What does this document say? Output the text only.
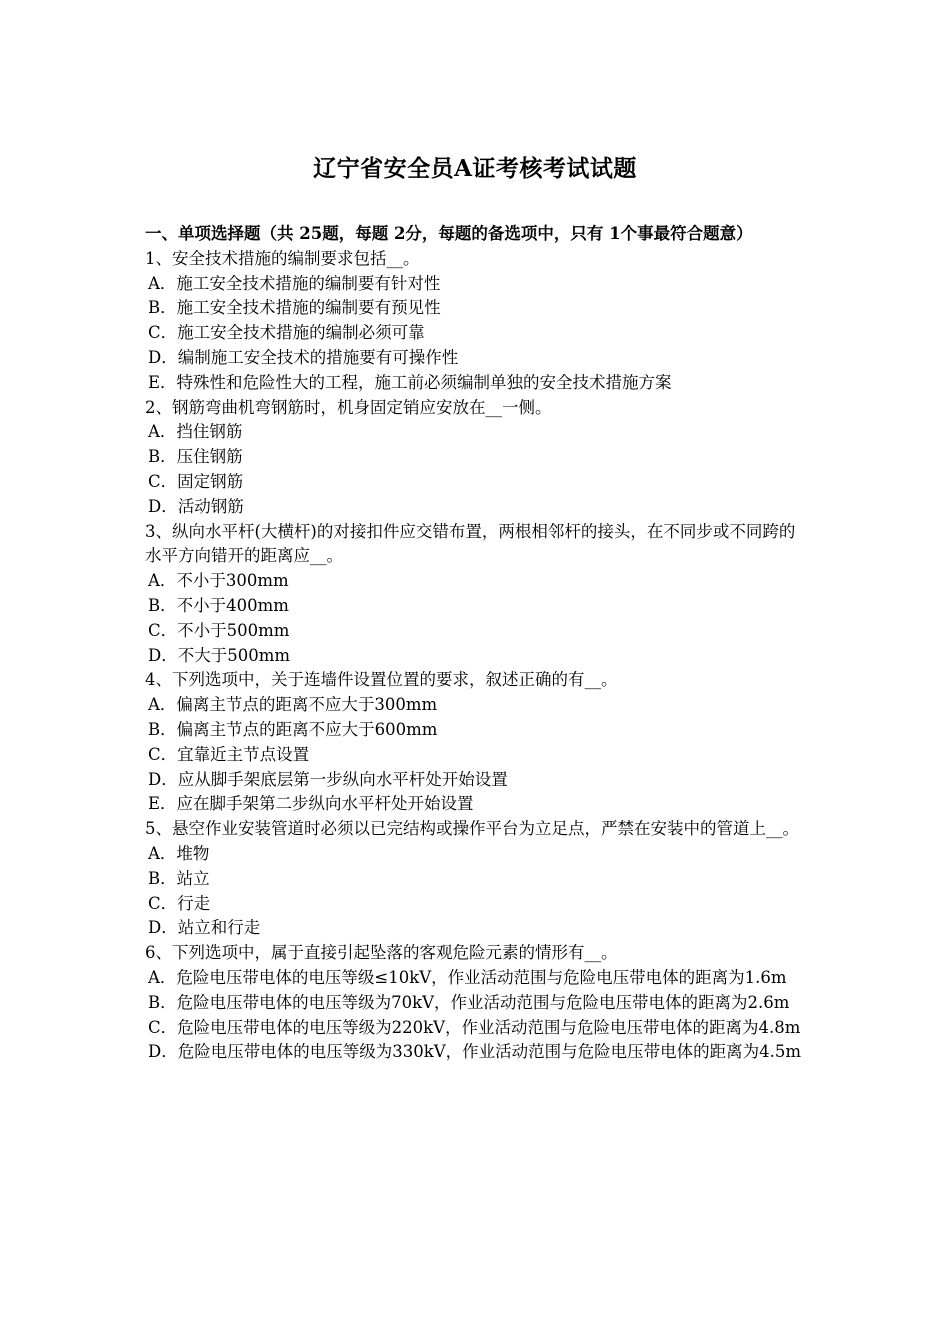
辽宁省安全员A证考核考试试题

一、单项选择题（共 25题，每题 2分，每题的备选项中，只有 1个事最符合题意）

1、安全技术措施的编制要求包括__。

A．施工安全技术措施的编制要有针对性

B．施工安全技术措施的编制要有预见性

C．施工安全技术措施的编制必须可靠

D．编制施工安全技术的措施要有可操作性

E．特殊性和危险性大的工程，施工前必须编制单独的安全技术措施方案

2、钢筋弯曲机弯钢筋时，机身固定销应安放在__一侧。

A．挡住钢筋

B．压住钢筋

C．固定钢筋

D．活动钢筋

3、纵向水平杆(大横杆)的对接扣件应交错布置，两根相邻杆的接头，在不同步或不同跨的水平方向错开的距离应__。

A．不小于300mm

B．不小于400mm

C．不小于500mm

D．不大于500mm

4、下列选项中，关于连墙件设置位置的要求，叙述正确的有__。

A．偏离主节点的距离不应大于300mm

B．偏离主节点的距离不应大于600mm

C．宜靠近主节点设置

D．应从脚手架底层第一步纵向水平杆处开始设置

E．应在脚手架第二步纵向水平杆处开始设置

5、悬空作业安装管道时必须以已完结构或操作平台为立足点，严禁在安装中的管道上__。

A．堆物

B．站立

C．行走

D．站立和行走

6、下列选项中，属于直接引起坠落的客观危险元素的情形有__。

A．危险电压带电体的电压等级≤10kV，作业活动范围与危险电压带电体的距离为1.6m

B．危险电压带电体的电压等级为70kV，作业活动范围与危险电压带电体的距离为2.6m

C．危险电压带电体的电压等级为220kV，作业活动范围与危险电压带电体的距离为4.8m

D．危险电压带电体的电压等级为330kV，作业活动范围与危险电压带电体的距离为4.5m
